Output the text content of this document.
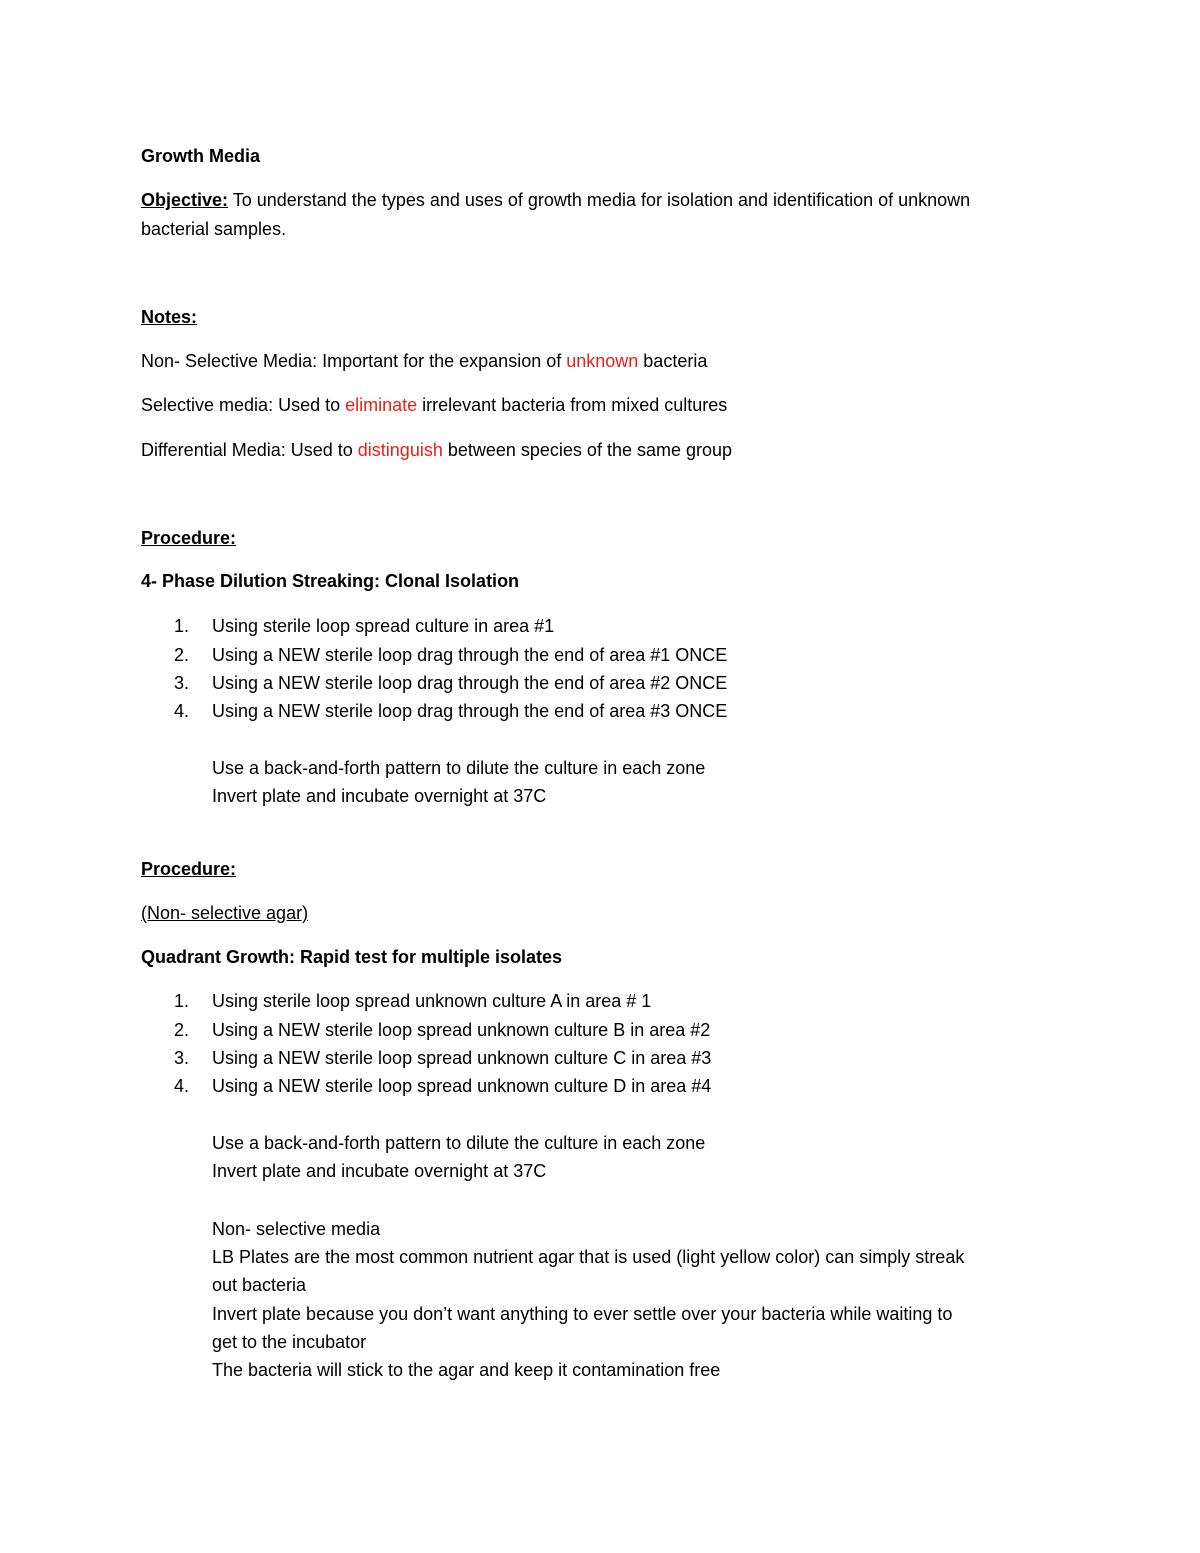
Growth Media
Objective: To understand the types and uses of growth media for isolation and identification of unknown
bacterial samples.
Notes:
Non- Selective Media: Important for the expansion of unknown bacteria
Selective media: Used to eliminate irrelevant bacteria from mixed cultures
Differential Media: Used to distinguish between species of the same group
Procedure:
4- Phase Dilution Streaking: Clonal Isolation
1. Using sterile loop spread culture in area #1
2. Using a NEW sterile loop drag through the end of area #1 ONCE
3. Using a NEW sterile loop drag through the end of area #2 ONCE
4. Using a NEW sterile loop drag through the end of area #3 ONCE
Use a back-and-forth pattern to dilute the culture in each zone
Invert plate and incubate overnight at 37C
Procedure:
(Non- selective agar)
Quadrant Growth: Rapid test for multiple isolates
1. Using sterile loop spread unknown culture A in area # 1
2. Using a NEW sterile loop spread unknown culture B in area #2
3. Using a NEW sterile loop spread unknown culture C in area #3
4. Using a NEW sterile loop spread unknown culture D in area #4
Use a back-and-forth pattern to dilute the culture in each zone
Invert plate and incubate overnight at 37C
Non- selective media
LB Plates are the most common nutrient agar that is used (light yellow color) can simply streak
out bacteria
Invert plate because you don’t want anything to ever settle over your bacteria while waiting to
get to the incubator
The bacteria will stick to the agar and keep it contamination free
